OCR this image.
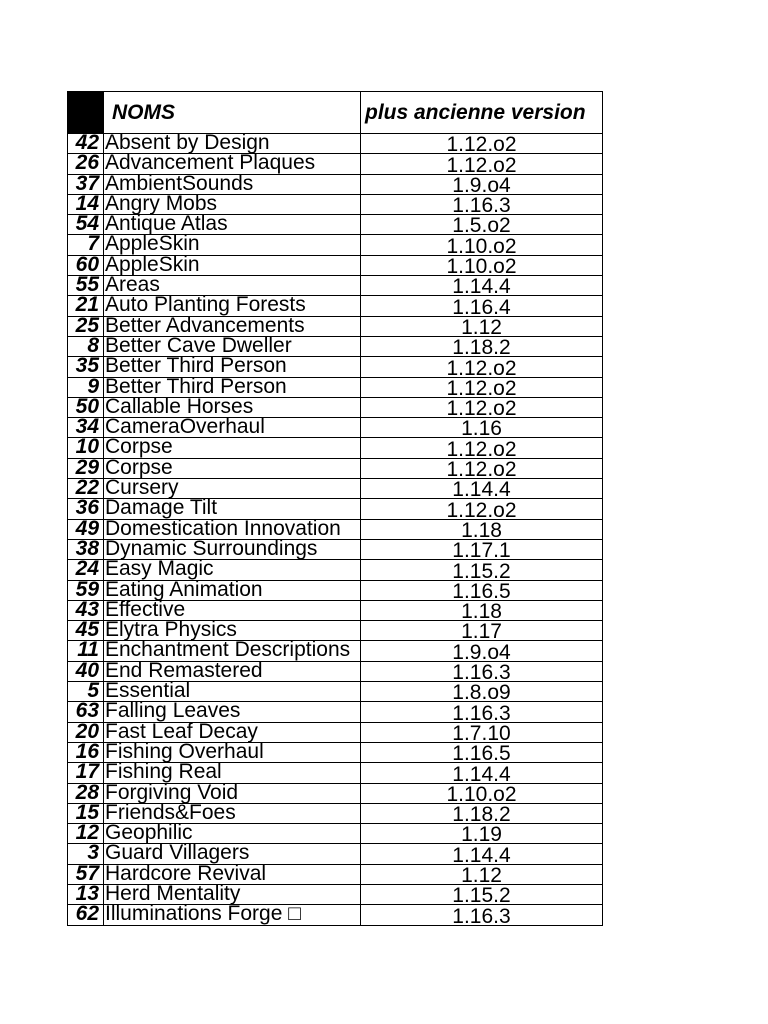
	NOMS	plus ancienne version
42	Absent by Design	1.12.o2
26	Advancement Plaques	1.12.o2
37	AmbientSounds	1.9.o4
14	Angry Mobs	1.16.3
54	Antique Atlas	1.5.o2
7	AppleSkin	1.10.o2
60	AppleSkin	1.10.o2
55	Areas	1.14.4
21	Auto Planting Forests	1.16.4
25	Better Advancements	1.12
8	Better Cave Dweller	1.18.2
35	Better Third Person	1.12.o2
9	Better Third Person	1.12.o2
50	Callable Horses	1.12.o2
34	CameraOverhaul	1.16
10	Corpse	1.12.o2
29	Corpse	1.12.o2
22	Cursery	1.14.4
36	Damage Tilt	1.12.o2
49	Domestication Innovation	1.18
38	Dynamic Surroundings	1.17.1
24	Easy Magic	1.15.2
59	Eating Animation	1.16.5
43	Effective	1.18
45	Elytra Physics	1.17
11	Enchantment Descriptions	1.9.o4
40	End Remastered	1.16.3
5	Essential	1.8.o9
63	Falling Leaves	1.16.3
20	Fast Leaf Decay	1.7.10
16	Fishing Overhaul	1.16.5
17	Fishing Real	1.14.4
28	Forgiving Void	1.10.o2
15	Friends&Foes	1.18.2
12	Geophilic	1.19
3	Guard Villagers	1.14.4
57	Hardcore Revival	1.12
13	Herd Mentality	1.15.2
62	Illuminations Forge □	1.16.3
